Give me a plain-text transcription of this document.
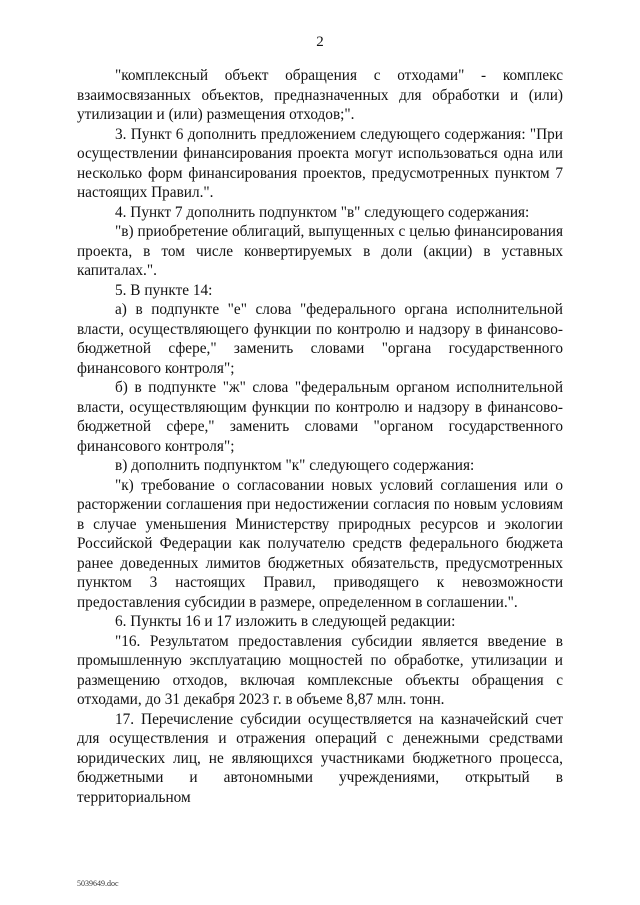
2

"комплексный объект обращения с отходами" - комплекс взаимосвязанных объектов, предназначенных для обработки и (или) утилизации и (или) размещения отходов;".

3. Пункт 6 дополнить предложением следующего содержания: "При осуществлении финансирования проекта могут использоваться одна или несколько форм финансирования проектов, предусмотренных пунктом 7 настоящих Правил.".

4. Пункт 7 дополнить подпунктом "в" следующего содержания:

"в) приобретение облигаций, выпущенных с целью финансирования проекта, в том числе конвертируемых в доли (акции) в уставных капиталах.".

5. В пункте 14:

а) в подпункте "е" слова "федерального органа исполнительной власти, осуществляющего функции по контролю и надзору в финансово-бюджетной сфере," заменить словами "органа государственного финансового контроля";

б) в подпункте "ж" слова "федеральным органом исполнительной власти, осуществляющим функции по контролю и надзору в финансово-бюджетной сфере," заменить словами "органом государственного финансового контроля";

в) дополнить подпунктом "к" следующего содержания:

"к) требование о согласовании новых условий соглашения или о расторжении соглашения при недостижении согласия по новым условиям в случае уменьшения Министерству природных ресурсов и экологии Российской Федерации как получателю средств федерального бюджета ранее доведенных лимитов бюджетных обязательств, предусмотренных пунктом 3 настоящих Правил, приводящего к невозможности предоставления субсидии в размере, определенном в соглашении.".

6. Пункты 16 и 17 изложить в следующей редакции:

"16. Результатом предоставления субсидии является введение в промышленную эксплуатацию мощностей по обработке, утилизации и размещению отходов, включая комплексные объекты обращения с отходами, до 31 декабря 2023 г. в объеме 8,87 млн. тонн.

17. Перечисление субсидии осуществляется на казначейский счет для осуществления и отражения операций с денежными средствами юридических лиц, не являющихся участниками бюджетного процесса, бюджетными и автономными учреждениями, открытый в территориальном

5039649.doc
